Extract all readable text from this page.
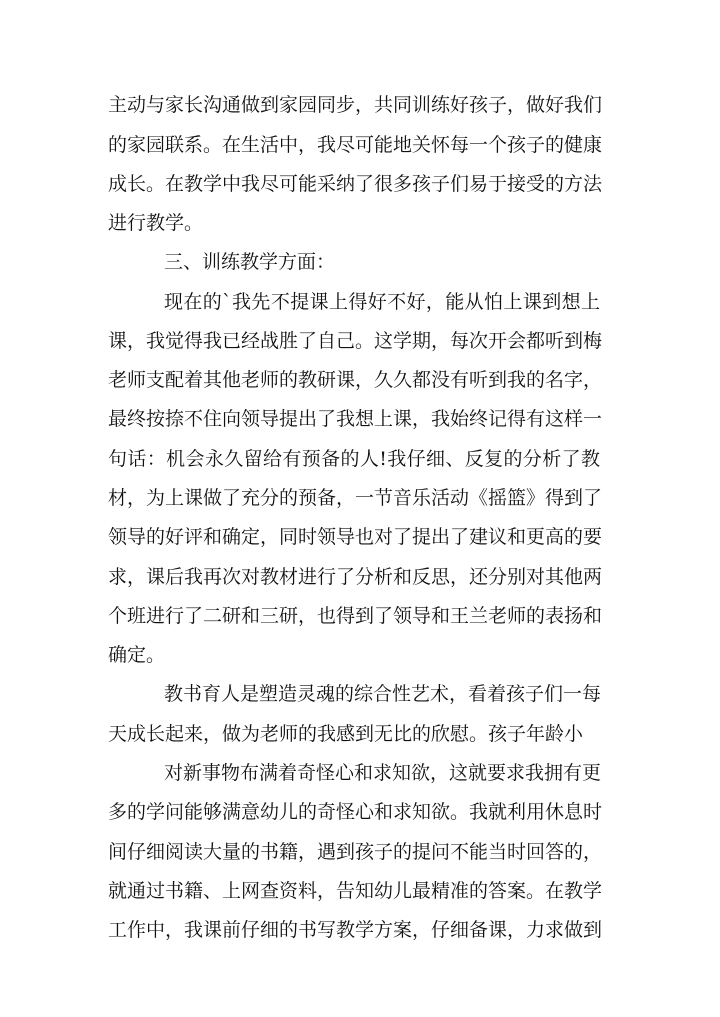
主动与家长沟通做到家园同步，共同训练好孩子，做好我们
的家园联系。在生活中，我尽可能地关怀每一个孩子的健康
成长。在教学中我尽可能采纳了很多孩子们易于接受的方法
进行教学。
三、训练教学方面：
现在的`我先不提课上得好不好，能从怕上课到想上
课，我觉得我已经战胜了自己。这学期，每次开会都听到梅
老师支配着其他老师的教研课，久久都没有听到我的名字，
最终按捺不住向领导提出了我想上课，我始终记得有这样一
句话：机会永久留给有预备的人!我仔细、反复的分析了教
材，为上课做了充分的预备，一节音乐活动《摇篮》得到了
领导的好评和确定，同时领导也对了提出了建议和更高的要
求，课后我再次对教材进行了分析和反思，还分别对其他两
个班进行了二研和三研，也得到了领导和王兰老师的表扬和
确定。
教书育人是塑造灵魂的综合性艺术，看着孩子们一每
天成长起来，做为老师的我感到无比的欣慰。孩子年龄小
对新事物布满着奇怪心和求知欲，这就要求我拥有更
多的学问能够满意幼儿的奇怪心和求知欲。我就利用休息时
间仔细阅读大量的书籍，遇到孩子的提问不能当时回答的，
就通过书籍、上网查资料，告知幼儿最精准的答案。在教学
工作中，我课前仔细的书写教学方案，仔细备课，力求做到
